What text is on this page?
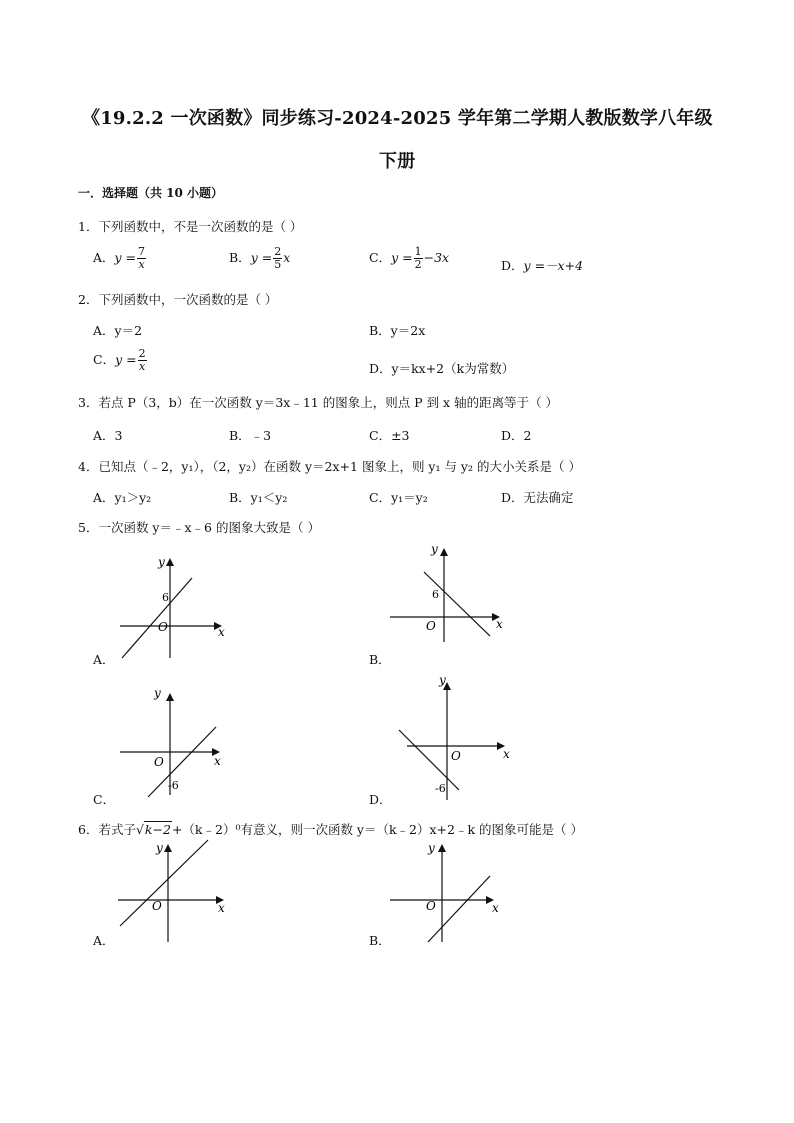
《19.2.2 一次函数》同步练习-2024-2025 学年第二学期人教版数学八年级
下册
一．选择题（共 10 小题）
1．下列函数中，不是一次函数的是（ ）
A．$y = \frac{7}{x}$	B．$y = \frac{2}{5}$ x	C．$y = \frac{1}{2} -3x$
D．y =－x+4
2．下列函数中，一次函数的是（ ）
A．y＝2	B．y＝2x
C．$y = \frac{2}{x}$	D．y＝kx+2（k为常数）
3．若点 P（3，b）在一次函数 y＝3x﹣11 的图象上，则点 P 到 x 轴的距离等于（ ）
A．3	B．﹣3	C．±3	D．2
4．已知点（﹣2，y₁），（2，y₂）在函数 y＝2x+1 图象上，则 y₁ 与 y₂ 的大小关系是（ ）
A．y₁＞y₂	B．y₁＜y₂	C．y₁＝y₂	D．无法确定
5．一次函数 y＝﹣x﹣6 的图象大致是（ ）
y
x
O
6
A．
y
x
O
6
B．
y
x
O
-6
C．
y
x
O
-6
D．
6．若式子√k−2+（k﹣2）⁰有意义，则一次函数 y＝（k﹣2）x+2﹣k 的图象可能是（ ）
y
x
O
A．
y
x
O
B．
